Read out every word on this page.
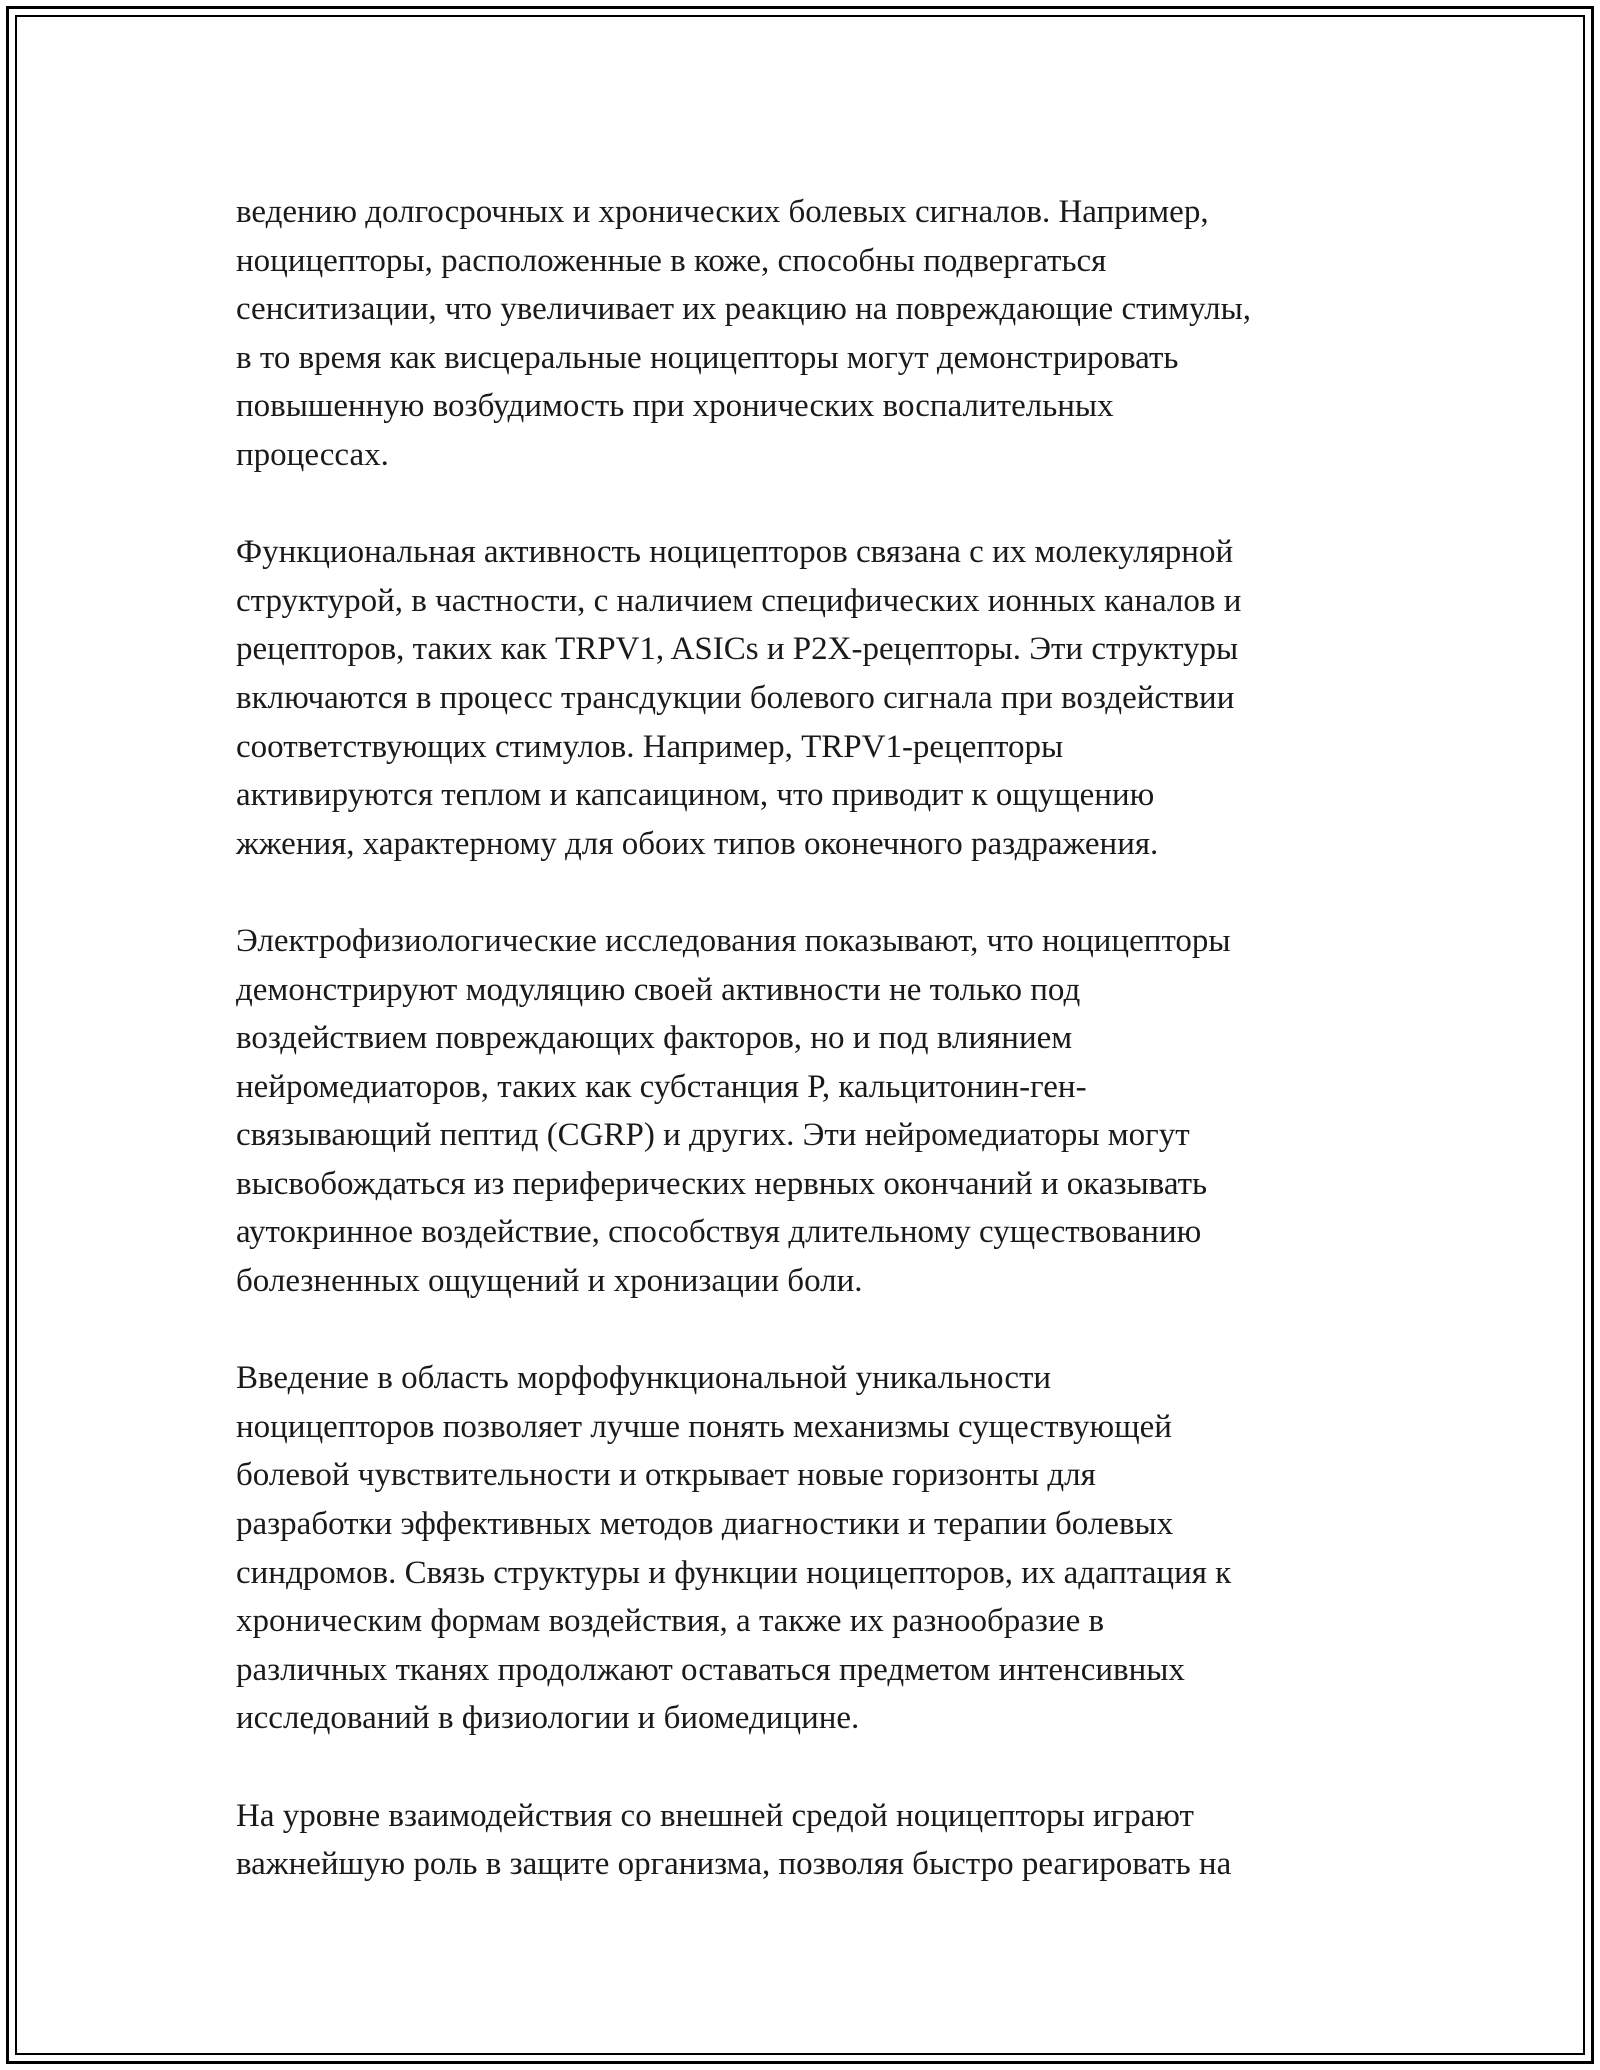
ведению долгосрочных и хронических болевых сигналов. Например,
ноцицепторы, расположенные в коже, способны подвергаться
сенситизации, что увеличивает их реакцию на повреждающие стимулы,
в то время как висцеральные ноцицепторы могут демонстрировать
повышенную возбудимость при хронических воспалительных
процессах.
Функциональная активность ноцицепторов связана с их молекулярной
структурой, в частности, с наличием специфических ионных каналов и
рецепторов, таких как TRPV1, ASICs и P2X-рецепторы. Эти структуры
включаются в процесс трансдукции болевого сигнала при воздействии
соответствующих стимулов. Например, TRPV1-рецепторы
активируются теплом и капсаицином, что приводит к ощущению
жжения, характерному для обоих типов оконечного раздражения.
Электрофизиологические исследования показывают, что ноцицепторы
демонстрируют модуляцию своей активности не только под
воздействием повреждающих факторов, но и под влиянием
нейромедиаторов, таких как субстанция P, кальцитонин-ген-
связывающий пептид (CGRP) и других. Эти нейромедиаторы могут
высвобождаться из периферических нервных окончаний и оказывать
аутокринное воздействие, способствуя длительному существованию
болезненных ощущений и хронизации боли.
Введение в область морфофункциональной уникальности
ноцицепторов позволяет лучше понять механизмы существующей
болевой чувствительности и открывает новые горизонты для
разработки эффективных методов диагностики и терапии болевых
синдромов. Связь структуры и функции ноцицепторов, их адаптация к
хроническим формам воздействия, а также их разнообразие в
различных тканях продолжают оставаться предметом интенсивных
исследований в физиологии и биомедицине.
На уровне взаимодействия со внешней средой ноцицепторы играют
важнейшую роль в защите организма, позволяя быстро реагировать на
